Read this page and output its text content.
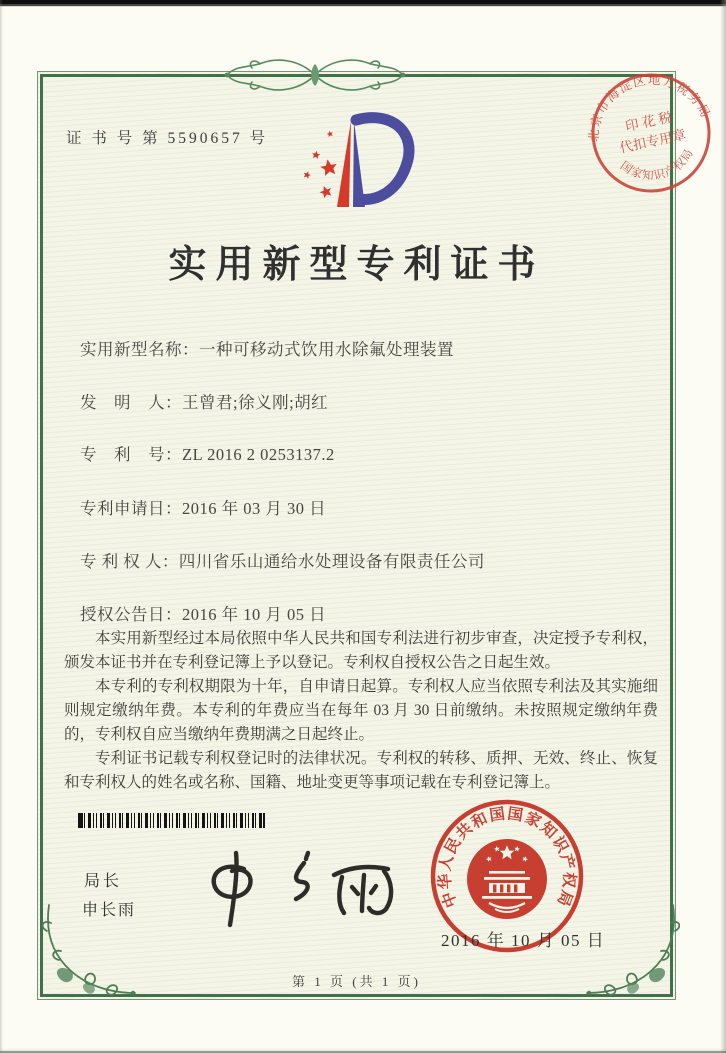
证 书 号 第 5590657 号	北京市海淀区地方税务局
国家知识产权局
印 花 税
代扣专用章
实用新型专利证书
实用新型名称：一种可移动式饮用水除氟处理装置
发　明　人：王曾君;徐义刚;胡红
专　利　号：ZL 2016 2 0253137.2
专利申请日：2016 年 03 月 30 日
专 利 权 人：四川省乐山通给水处理设备有限责任公司
授权公告日：2016 年 10 月 05 日

本实用新型经过本局依照中华人民共和国专利法进行初步审查，决定授予专利权，颁发本证书并在专利登记簿上予以登记。专利权自授权公告之日起生效。

本专利的专利权期限为十年，自申请日起算。专利权人应当依照专利法及其实施细则规定缴纳年费。本专利的年费应当在每年 03 月 30 日前缴纳。未按照规定缴纳年费的，专利权自应当缴纳年费期满之日起终止。

专利证书记载专利权登记时的法律状况。专利权的转移、质押、无效、终止、恢复和专利权人的姓名或名称、国籍、地址变更等事项记载在专利登记簿上。

局长
申长雨
中华人民共和国国家知识产权局
2016 年 10 月 05 日
第 1 页 (共 1 页)
